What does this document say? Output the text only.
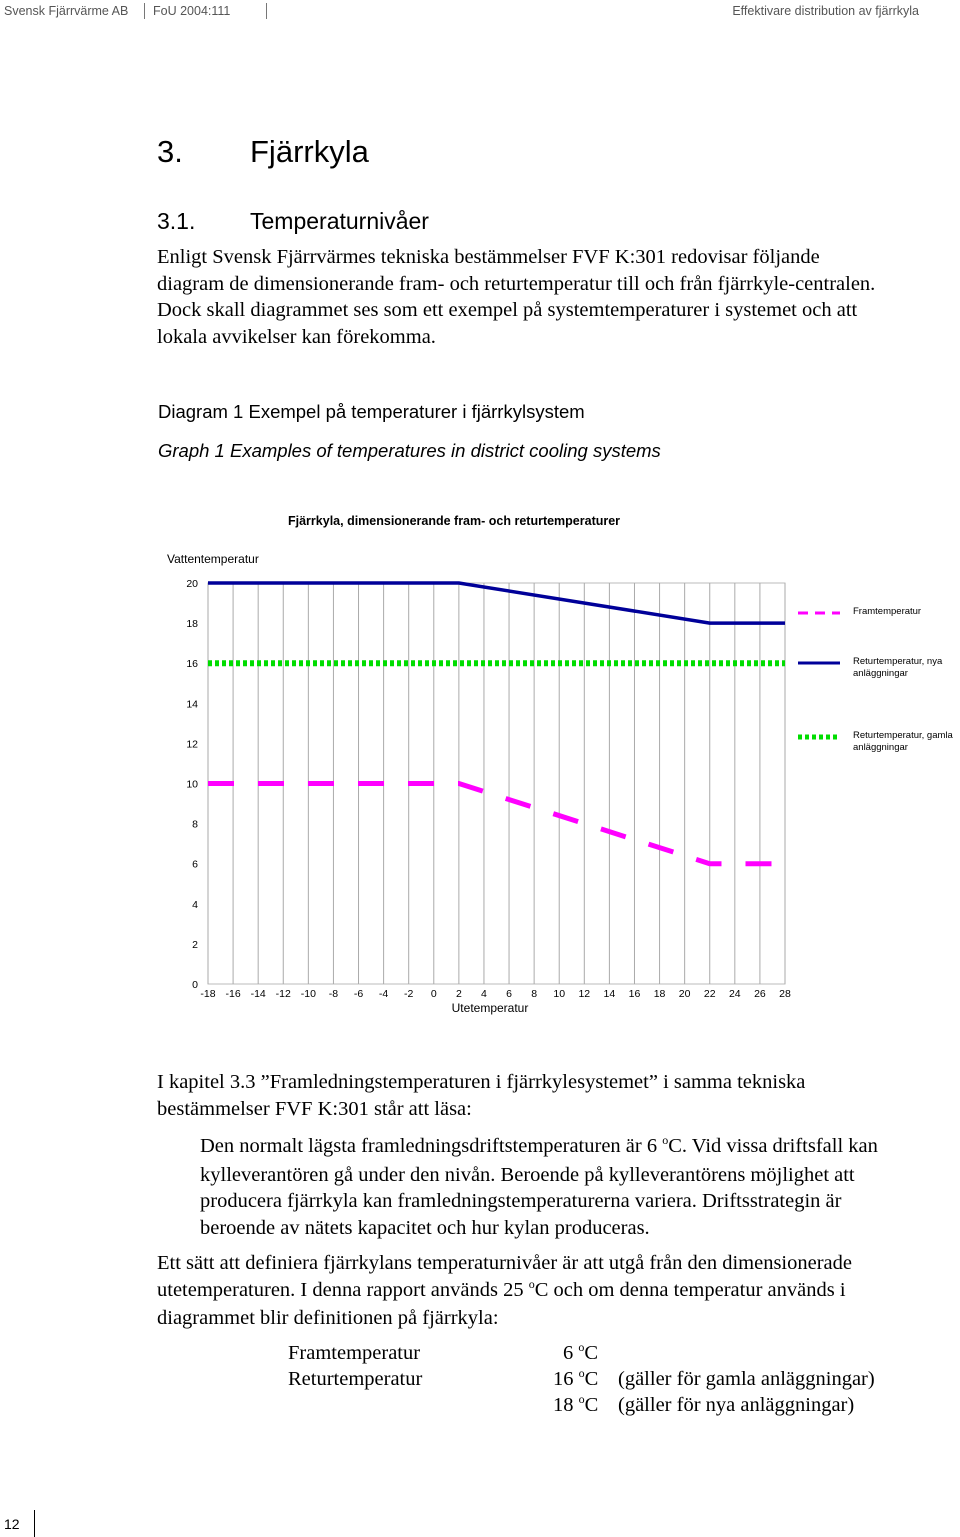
Svensk Fjärrvärme AB FoU 2004:111	Effektivare distribution av fjärrkyla
3. Fjärrkyla
3.1. Temperaturnivåer

Enligt Svensk Fjärrvärmes tekniska bestämmelser FVF K:301 redovisar följande diagram de dimensionerande fram- och returtemperatur till och från fjärrkyle-centralen. Dock skall diagrammet ses som ett exempel på systemtemperaturer i systemet och att lokala avvikelser kan förekomma.

Diagram 1 Exempel på temperaturer i fjärrkylsystem

Graph 1 Examples of temperatures in district cooling systems

Fjärrkyla, dimensionerande fram- och returtemperaturer
Vattentemperatur
Utetemperatur
0
2
4
6
8
10
12
14
16
18
20
-18 -16 -14 -12 -10 -8 -6 -4 -2 0 2 4 6 8 10 12 14 16 18 20 22 24 26 28
Framtemperatur
Returtemperatur, nya
anläggningar
Returtemperatur, gamla
anläggningar

I kapitel 3.3 ”Framledningstemperaturen i fjärrkylesystemet” i samma tekniska bestämmelser FVF K:301 står att läsa:

Den normalt lägsta framledningsdriftstemperaturen är 6 $^o$C. Vid vissa driftsfall kan kylleverantören gå under den nivån. Beroende på kylleverantörens möjlighet att producera fjärrkyla kan framledningstemperaturerna variera. Driftsstrategin är beroende av nätets kapacitet och hur kylan produceras.

Ett sätt att definiera fjärrkylans temperaturnivåer är att utgå från den dimensionerade utetemperaturen. I denna rapport används 25 $^o$C och om denna temperatur används i diagrammet blir definitionen på fjärrkyla:

Framtemperatur	6 $^o$C
Returtemperatur	16 $^o$C (gäller för gamla anläggningar)
18 $^o$C (gäller för nya anläggningar)
12
